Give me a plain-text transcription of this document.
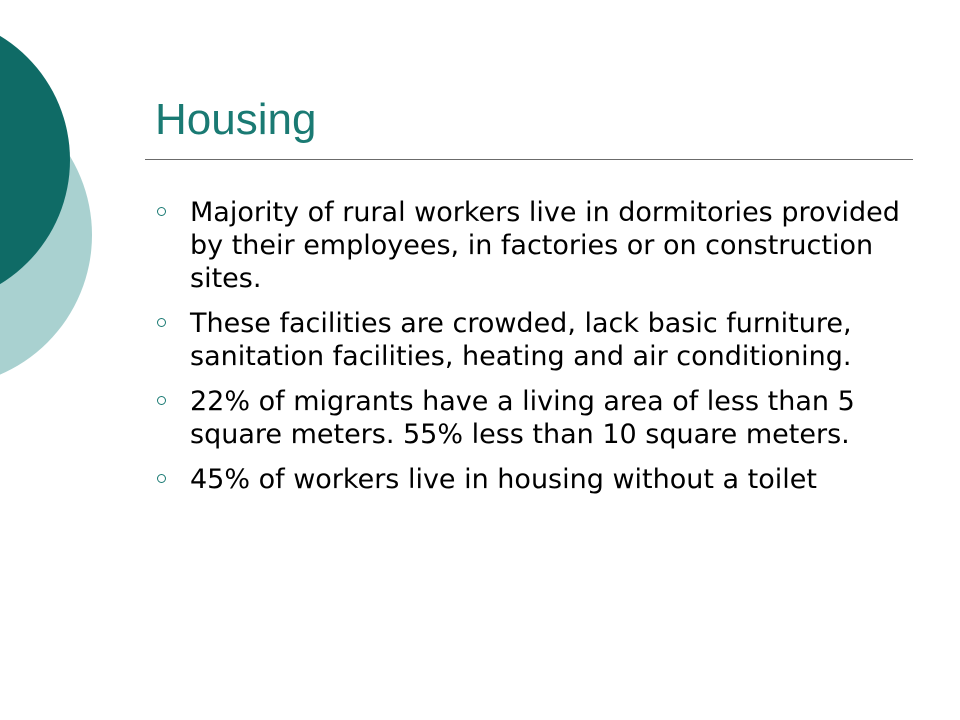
Housing
Majority of rural workers live in dormitories provided by their employees, in factories or on construction sites.
These facilities are crowded, lack basic furniture, sanitation facilities, heating and air conditioning.
22% of migrants have a living area of less than 5 square meters. 55% less than 10 square meters.
45% of workers live in housing without a toilet
